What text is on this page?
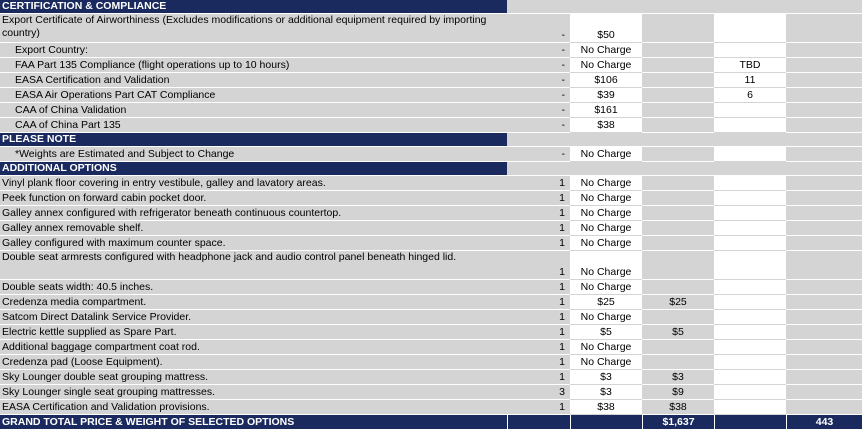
CERTIFICATION & COMPLIANCE					
Export Certificate of Airworthiness (Excludes modifications or additional equipment required by importing country)	-	$50			
Export Country:	-	No Charge			
FAA Part 135 Compliance (flight operations up to 10 hours)	-	No Charge		TBD	
EASA Certification and Validation	-	$106		11	
EASA Air Operations Part CAT Compliance	-	$39		6	
CAA of China Validation	-	$161			
CAA of China Part 135	-	$38			
PLEASE NOTE					
*Weights are Estimated and Subject to Change	-	No Charge			
ADDITIONAL OPTIONS					
Vinyl plank floor covering in entry vestibule, galley and lavatory areas.	1	No Charge			
Peek function on forward cabin pocket door.	1	No Charge			
Galley annex configured with refrigerator beneath continuous countertop.	1	No Charge			
Galley annex removable shelf.	1	No Charge			
Galley configured with maximum counter space.	1	No Charge			
Double seat armrests configured with headphone jack and audio control panel beneath hinged lid.	1	No Charge			
Double seats width: 40.5 inches.	1	No Charge			
Credenza media compartment.	1	$25	$25		
Satcom Direct Datalink Service Provider.	1	No Charge			
Electric kettle supplied as Spare Part.	1	$5	$5		
Additional baggage compartment coat rod.	1	No Charge			
Credenza pad (Loose Equipment).	1	No Charge			
Sky Lounger double seat grouping mattress.	1	$3	$3		
Sky Lounger single seat grouping mattresses.	3	$3	$9		
EASA Certification and Validation provisions.	1	$38	$38		
GRAND TOTAL PRICE & WEIGHT OF SELECTED OPTIONS			$1,637		443
